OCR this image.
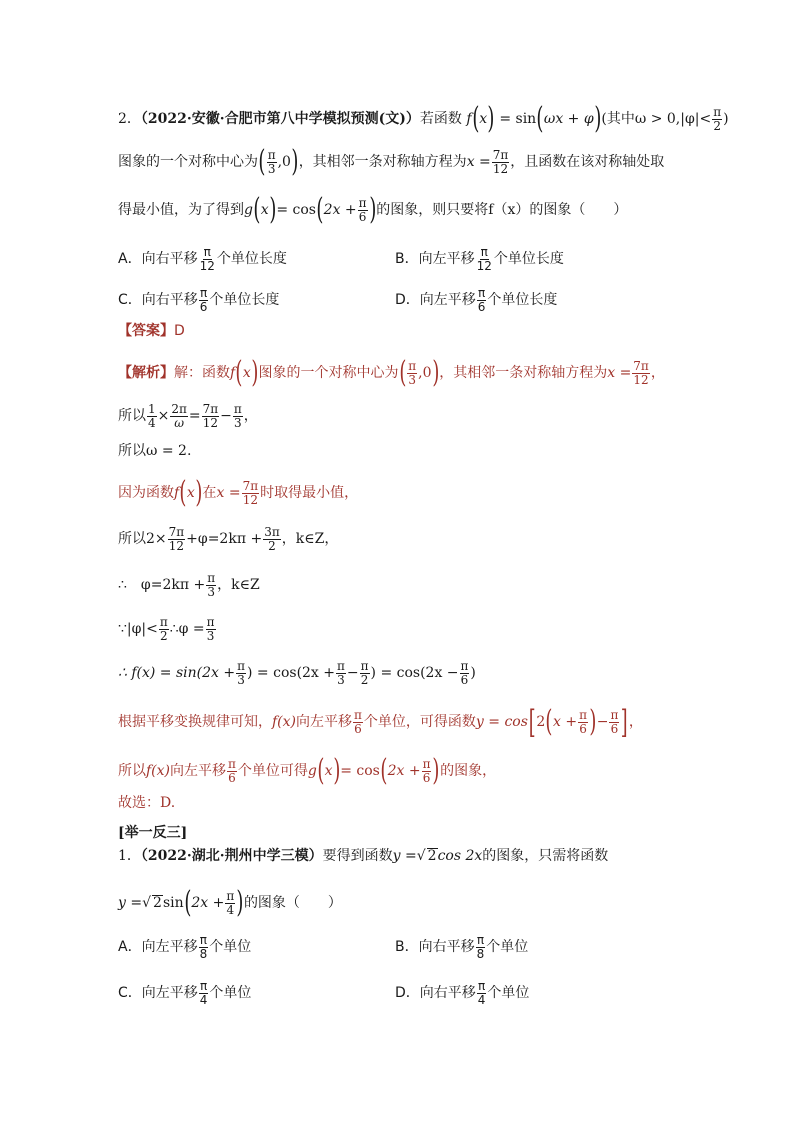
2．（2022·安徽·合肥市第八中学模拟预测(文)）若函数 f(x) = sin(ωx + φ)(其中$\omega > 0,|\varphi|< \frac{\pi}{2}$ )
图象的一个对称中心为( $\frac{\pi}{3} ,0$)，其相邻一条对称轴方程为$x = \frac{7\pi}{12}$ ，且函数在该对称轴处取
得最小值，为了得到$g(x)= \cos(2x + \frac{\pi}{6}$ )的图象，则只要将f（x）的图象（　　）
A．向右平移 $\frac{\pi}{12}$ 个单位长度	B．向左平移 $\frac{\pi}{12}$ 个单位长度
C．向右平移 $\frac{\pi}{6}$ 个单位长度	D．向左平移 $\frac{\pi}{6}$ 个单位长度
【答案】D
【解析】解：函数f(x)图象的一个对称中心为( $\frac{\pi}{3} ,0$)，其相邻一条对称轴方程为$x = \frac{7\pi}{12}$ ，
所以 $\frac{1}{4} \times \frac{2\pi}{\omega} = \frac{7\pi}{12} - \frac{\pi}{3}$ ，
所以ω = 2.
因为函数f(x)在$x = \frac{7\pi}{12}$ 时取得最小值，
所以$2\times \frac{7\pi}{12} +\varphi=2k\pi + \frac{3\pi}{2}$ ，k∈Z，
∴　$\varphi=2k\pi + \frac{\pi}{3}$ ，k∈Z
∵|φ|< $\frac{\pi}{2}$ ∴φ = $\frac{\pi}{3}$
∴ $f(x) = \sin(2x + \frac{\pi}{3}$ ) = $\cos(2x + \frac{\pi}{3} - \frac{\pi}{2}$ ) = $\cos(2x - \frac{\pi}{6}$ )
根据平移变换规律可知，f(x)向左平移 $\frac{\pi}{6}$ 个单位，可得函数$y = \cos[2(x + \frac{\pi}{6}$ )− $\frac{\pi}{6}$ ]，
所以f(x)向左平移 $\frac{\pi}{6}$ 个单位可得$g(x)= \cos(2x + \frac{\pi}{6}$ )的图象，
故选：D.
[举一反三]
1．（2022·湖北·荆州中学三模）要得到函数y =√ 2cos 2x的图象，只需将函数
y =√ $2\sin(2x + \frac{\pi}{4}$ )的图象（　　）
A．向左平移 $\frac{\pi}{8}$ 个单位	B．向右平移 $\frac{\pi}{8}$ 个单位
C．向左平移 $\frac{\pi}{4}$ 个单位	D．向右平移 $\frac{\pi}{4}$ 个单位
